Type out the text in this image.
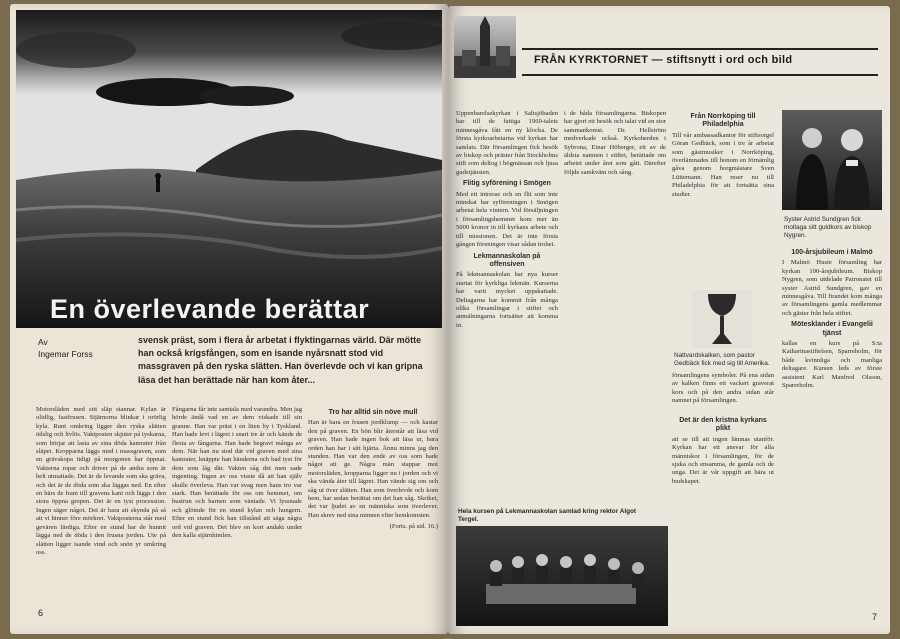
En överlevande berättar
Av
Ingemar Forss
svensk präst, som i flera år arbetat i flyktingarnas värld. Där mötte han också krigsfången, som en isande nyårsnatt stod vid massgraven på den ryska slätten. Han överlevde och vi kan gripna läsa det han berättade när han kom åter...

Motorsläden med sitt släp stannar. Kylan är olidlig, fastfrusen. Stjärnorna blinkar i orörlig kyla. Runt omkring ligger den ryska slätten ödslig och livlös. Vaktposten skjuter på tyskarna, som börjar att lasta av sina döda kamrater från släpet. Kropparna läggs med i massgraven, som en grävskopa tidigt på morgonen har öppnat. Vakterna ropar och driver på de andra som är helt utmattade. Det är de levande som ska gräva, och det är de döda som ska läggas ned. En efter en bärs de fram till gravens kant och läggs i den stora öppna gropen. Det är en tyst procession. Ingen säger något. Det är bara att skynda på så att vi hinner före mörkret. Vaktposterna står med gevären färdiga. Efter en stund har de hunnit lägga ned de döda i den frusna jorden. Ute på slätten ligger isande vind och snön yr omkring oss.

Fångarna får inte samtala med varandra. Men jag hörde ändå vad en av dem viskade till sin granne. Han var präst i en liten by i Tyskland. Han hade levt i lägret i snart tre år och kände de flesta av fångarna. Han hade begravt många av dem. När han nu stod där vid graven med sina kamrater, knäppte han händerna och bad tyst för dem som låg där. Vakten såg det men sade ingenting. Ingen av oss visste då att han själv skulle överleva. Han var svag men hans tro var stark. Han berättade för oss om hemmet, om hustrun och barnen som väntade. Vi lyssnade och glömde för en stund kylan och hungern. Efter en stund fick han tillstånd att säga några ord vid graven. Det blev en kort andakt under den kalla stjärnhimlen.

Tro har alltid sin növe mull

Han är bara en frusen jordklump — och kastar den på graven. En bön blir återstår att läsa vid graven. Han hade ingen bok att läsa ur, bara orden han bar i sitt hjärta. Ännu minns jag den stunden. Han var den ende av oss som hade något att ge. Några män stappar mot motorsläden, kropparna ligger nu i jorden och vi ska vända åter till lägret. Han vände sig om och såg ut över slätten. Han som överlevde och kom hem, har sedan berättat om det han såg. Skriket, det var ljudet av en människa som överlever. Han skrev ned sina minnen efter hemkomsten.

(Forts. på sid. 16.)

6
FRÅN KYRKTORNET — stiftsnytt i ord och bild

Uppenbarelsekyrkan i Saltsjöbaden har till de fattiga 1960-talets minnesgåva fått en ny klocka. De första kyrkoarbetarna vid kyrkan har samlats. Där församlingen fick besök av biskop och präster från Stockholms stift som deltog i högmässan och ljusa gudstjänsten.

Flitig syförening i Smögen

Med ett intresse och en flit som inte minskat har syföreningen i Smögen arbetat hela vintern. Vid försäljningen i församlingshemmet kom mer än 5000 kronor in till kyrkans arbete och till missionen. Det är inte första gången föreningen visar sådan trohet.

Lekmannaskolan på offensiven

På lekmannaskolan har nya kurser startat för kyrkliga lekmän. Kurserna har varit mycket uppskattade. Deltagarna har kommit från många olika församlingar i stiftet och anmälningarna fortsätter att komma in.

i de båda församlingarna. Biskopen har gjort ett besök och talat vid en stor sammankomst. Dr. Hellström medverkade också. Kyrkoherden i Sybrona, Einar Höberger, ett av de äldsta namnen i stiftet, berättade om arbetet under året som gått. Därefter följde samkväm och sång.

Från Norrköping till Philadelphia

Till vår ambassadkantor för stiftsorgel Göran Gedbäck, som i tre år arbetat som gästmusiker i Norrköping, överlämnades till honom en förnämlig gåva genom borgmästare Sven Lüttemann. Han reser nu till Philadelphia för att fortsätta sina studier.

Nattvardskalken, som pastor Gedbäck fick med sig till Amerika.

församlingens symboler. På ena sidan av kalken finns ett vackert graverat kors och på den andra sidan står namnet på församlingen.

Det är den kristna kyrkans plikt

att se till att ingen lämnas utanför. Kyrkan har ett ansvar för alla människor i församlingen, för de sjuka och ensamma, de gamla och de unga. Det är vår uppgift att bära ut budskapet.

Syster Astrid Sundgren fick motlaga sitt guldkors av biskop Nygren.
100-årsjubileum i Malmö

I Malmö Husie församling har kyrkan 100-årsjubileum. Biskop Nygren, som utdelade Patronatet till syster Astrid Sundgren, gav en minnesgåva. Till firandet kom många av församlingens gamla medlemmar och gäster från hela stiftet.

Mötesklander i Evangelii tjänst

kallas en kurs på S:ta Katharinastiftelsen, Sparreholm, för både kvinnliga och manliga deltagare. Kursen leds av förste assistent Karl Manfred Olsson, Sparreholm.

Hela kursen på Lekmannaskolan samlad kring rektor Algot Tergel.
7
